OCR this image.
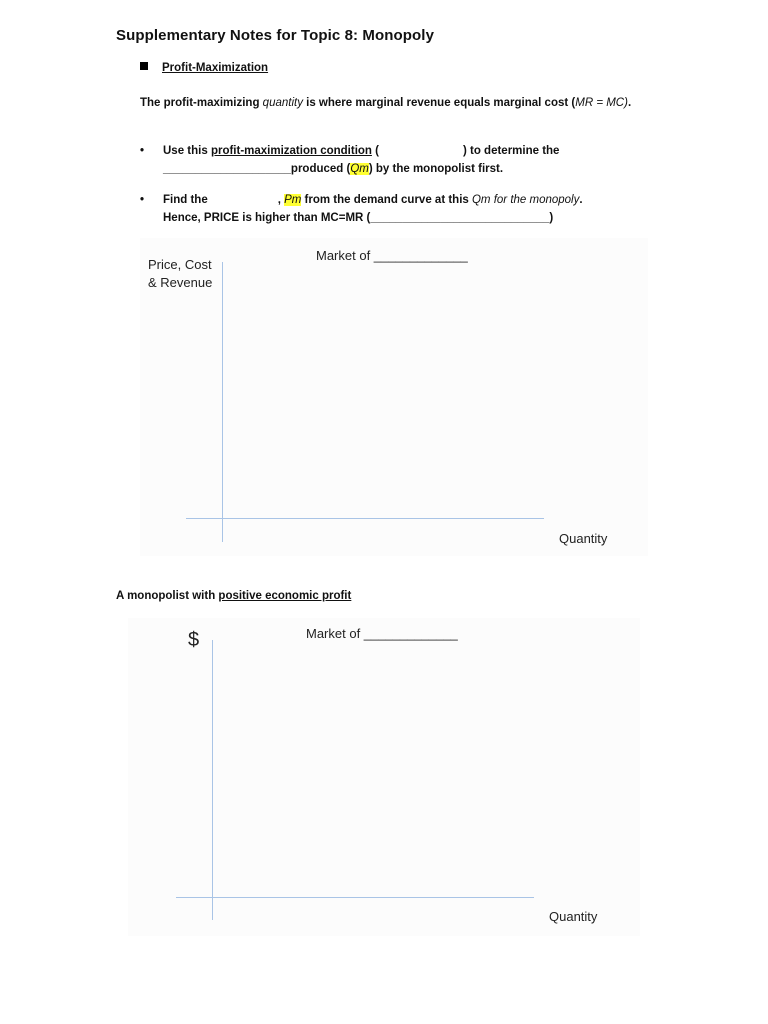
Supplementary Notes for Topic 8: Monopoly
Profit-Maximization
The profit-maximizing quantity is where marginal revenue equals marginal cost (MR = MC).
• Use this profit-maximization condition (	) to determine the
____________________produced (Qm) by the monopolist first.
• Find the	, Pm from the demand curve at this Qm for the monopoly.
Hence, PRICE is higher than MC=MR (____________________________)
Market of _____________
Price, Cost
& Revenue
Quantity
A monopolist with positive economic profit
Market of _____________
$
Quantity
